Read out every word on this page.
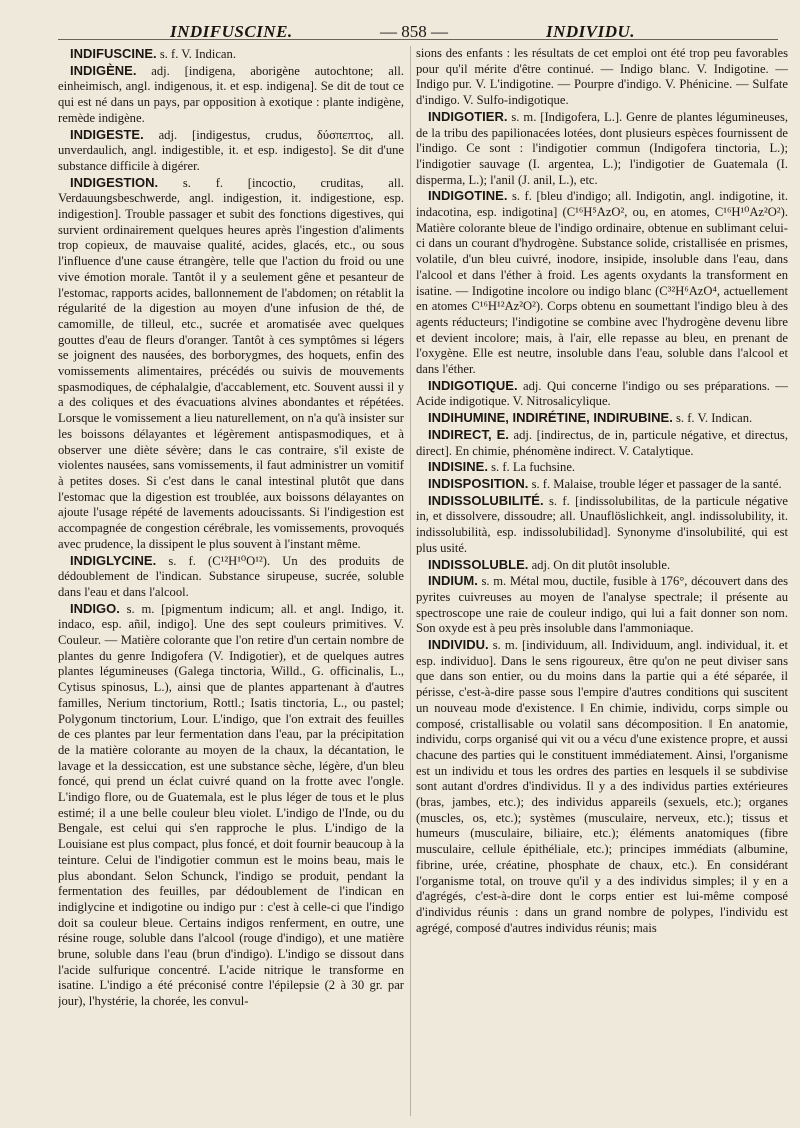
INDIFUSCINE.	— 858 —	INDIVIDU.

INDIFUSCINE. s. f. V. Indican.

INDIGÈNE. adj. [indigena, aborigène autochtone; all. einheimisch, angl. indigenous, it. et esp. indigena]. Se dit de tout ce qui est né dans un pays, par opposition à exotique : plante indigène, remède indigène.

INDIGESTE. adj. [indigestus, crudus, δύσπεπτος, all. unverdaulich, angl. indigestible, it. et esp. indigesto]. Se dit d'une substance difficile à digérer.

INDIGESTION. s. f. [incoctio, cruditas, all. Verdauungsbeschwerde, angl. indigestion, it. indigestione, esp. indigestion]. Trouble passager et subit des fonctions digestives, qui survient ordinairement quelques heures après l'ingestion d'aliments trop copieux, de mauvaise qualité, acides, glacés, etc., ou sous l'influence d'une cause étrangère, telle que l'action du froid ou une vive émotion morale. Tantôt il y a seulement gêne et pesanteur de l'estomac, rapports acides, ballonnement de l'abdomen; on rétablit la régularité de la digestion au moyen d'une infusion de thé, de camomille, de tilleul, etc., sucrée et aromatisée avec quelques gouttes d'eau de fleurs d'oranger. Tantôt à ces symptômes si légers se joignent des nausées, des borborygmes, des hoquets, enfin des vomissements alimentaires, précédés ou suivis de mouvements spasmodiques, de céphalalgie, d'accablement, etc. Souvent aussi il y a des coliques et des évacuations alvines abondantes et répétées. Lorsque le vomissement a lieu naturellement, on n'a qu'à insister sur les boissons délayantes et légèrement antispasmodiques, et à observer une diète sévère; dans le cas contraire, s'il existe de violentes nausées, sans vomissements, il faut administrer un vomitif à petites doses. Si c'est dans le canal intestinal plutôt que dans l'estomac que la digestion est troublée, aux boissons délayantes on ajoute l'usage répété de lavements adoucissants. Si l'indigestion est accompagnée de congestion cérébrale, les vomissements, provoqués avec prudence, la dissipent le plus souvent à l'instant même.

INDIGLYCINE. s. f. (C¹²H¹⁰O¹²). Un des produits de dédoublement de l'indican. Substance sirupeuse, sucrée, soluble dans l'eau et dans l'alcool.

INDIGO. s. m. [pigmentum indicum; all. et angl. Indigo, it. indaco, esp. añil, indigo]. Une des sept couleurs primitives. V. Couleur. — Matière colorante que l'on retire d'un certain nombre de plantes du genre Indigofera (V. Indigotier), et de quelques autres plantes légumineuses (Galega tinctoria, Willd., G. officinalis, L., Cytisus spinosus, L.), ainsi que de plantes appartenant à d'autres familles, Nerium tinctorium, Rottl.; Isatis tinctoria, L., ou pastel; Polygonum tinctorium, Lour. L'indigo, que l'on extrait des feuilles de ces plantes par leur fermentation dans l'eau, par la précipitation de la matière colorante au moyen de la chaux, la décantation, le lavage et la dessiccation, est une substance sèche, légère, d'un bleu foncé, qui prend un éclat cuivré quand on la frotte avec l'ongle. L'indigo flore, ou de Guatemala, est le plus léger de tous et le plus estimé; il a une belle couleur bleu violet. L'indigo de l'Inde, ou du Bengale, est celui qui s'en rapproche le plus. L'indigo de la Louisiane est plus compact, plus foncé, et doit fournir beaucoup à la teinture. Celui de l'indigotier commun est le moins beau, mais le plus abondant. Selon Schunck, l'indigo se produit, pendant la fermentation des feuilles, par dédoublement de l'indican en indiglycine et indigotine ou indigo pur : c'est à celle-ci que l'indigo doit sa couleur bleue. Certains indigos renferment, en outre, une résine rouge, soluble dans l'alcool (rouge d'indigo), et une matière brune, soluble dans l'eau (brun d'indigo). L'indigo se dissout dans l'acide sulfurique concentré. L'acide nitrique le transforme en isatine. L'indigo a été préconisé contre l'épilepsie (2 à 30 gr. par jour), l'hystérie, la chorée, les convul-

sions des enfants : les résultats de cet emploi ont été trop peu favorables pour qu'il mérite d'être continué. — Indigo blanc. V. Indigotine. — Indigo pur. V. L'indigotine. — Pourpre d'indigo. V. Phénicine. — Sulfate d'indigo. V. Sulfo-indigotique.

INDIGOTIER. s. m. [Indigofera, L.]. Genre de plantes légumineuses, de la tribu des papilionacées lotées, dont plusieurs espèces fournissent de l'indigo. Ce sont : l'indigotier commun (Indigofera tinctoria, L.); l'indigotier sauvage (I. argentea, L.); l'indigotier de Guatemala (I. disperma, L.); l'anil (J. anil, L.), etc.

INDIGOTINE. s. f. [bleu d'indigo; all. Indigotin, angl. indigotine, it. indacotina, esp. indigotina] (C¹⁶H⁵AzO², ou, en atomes, C¹⁶H¹⁰Az²O²). Matière colorante bleue de l'indigo ordinaire, obtenue en sublimant celui-ci dans un courant d'hydrogène. Substance solide, cristallisée en prismes, volatile, d'un bleu cuivré, inodore, insipide, insoluble dans l'eau, dans l'alcool et dans l'éther à froid. Les agents oxydants la transforment en isatine. — Indigotine incolore ou indigo blanc (C³²H⁶AzO⁴, actuellement en atomes C¹⁶H¹²Az²O²). Corps obtenu en soumettant l'indigo bleu à des agents réducteurs; l'indigotine se combine avec l'hydrogène devenu libre et devient incolore; mais, à l'air, elle repasse au bleu, en prenant de l'oxygène. Elle est neutre, insoluble dans l'eau, soluble dans l'alcool et dans l'éther.

INDIGOTIQUE. adj. Qui concerne l'indigo ou ses préparations. — Acide indigotique. V. Nitrosalicylique.

INDIHUMINE, INDIRÉTINE, INDIRUBINE. s. f. V. Indican.

INDIRECT, E. adj. [indirectus, de in, particule négative, et directus, direct]. En chimie, phénomène indirect. V. Catalytique.

INDISINE. s. f. La fuchsine.

INDISPOSITION. s. f. Malaise, trouble léger et passager de la santé.

INDISSOLUBILITÉ. s. f. [indissolubilitas, de la particule négative in, et dissolvere, dissoudre; all. Unauflöslichkeit, angl. indissolubility, it. indissolubilità, esp. indissolubilidad]. Synonyme d'insolubilité, qui est plus usité.

INDISSOLUBLE. adj. On dit plutôt insoluble.

INDIUM. s. m. Métal mou, ductile, fusible à 176°, découvert dans des pyrites cuivreuses au moyen de l'analyse spectrale; il présente au spectroscope une raie de couleur indigo, qui lui a fait donner son nom. Son oxyde est à peu près insoluble dans l'ammoniaque.

INDIVIDU. s. m. [individuum, all. Individuum, angl. individual, it. et esp. individuo]. Dans le sens rigoureux, être qu'on ne peut diviser sans que dans son entier, ou du moins dans la partie qui a été séparée, il périsse, c'est-à-dire passe sous l'empire d'autres conditions qui suscitent un nouveau mode d'existence. ‖ En chimie, individu, corps simple ou composé, cristallisable ou volatil sans décomposition. ‖ En anatomie, individu, corps organisé qui vit ou a vécu d'une existence propre, et aussi chacune des parties qui le constituent immédiatement. Ainsi, l'organisme est un individu et tous les ordres des parties en lesquels il se subdivise sont autant d'ordres d'individus. Il y a des individus parties extérieures (bras, jambes, etc.); des individus appareils (sexuels, etc.); organes (muscles, os, etc.); systèmes (musculaire, nerveux, etc.); tissus et humeurs (musculaire, biliaire, etc.); éléments anatomiques (fibre musculaire, cellule épithéliale, etc.); principes immédiats (albumine, fibrine, urée, créatine, phosphate de chaux, etc.). En considérant l'organisme total, on trouve qu'il y a des individus simples; il y en a d'agrégés, c'est-à-dire dont le corps entier est lui-même composé d'individus réunis : dans un grand nombre de polypes, l'individu est agrégé, composé d'autres individus réunis; mais
